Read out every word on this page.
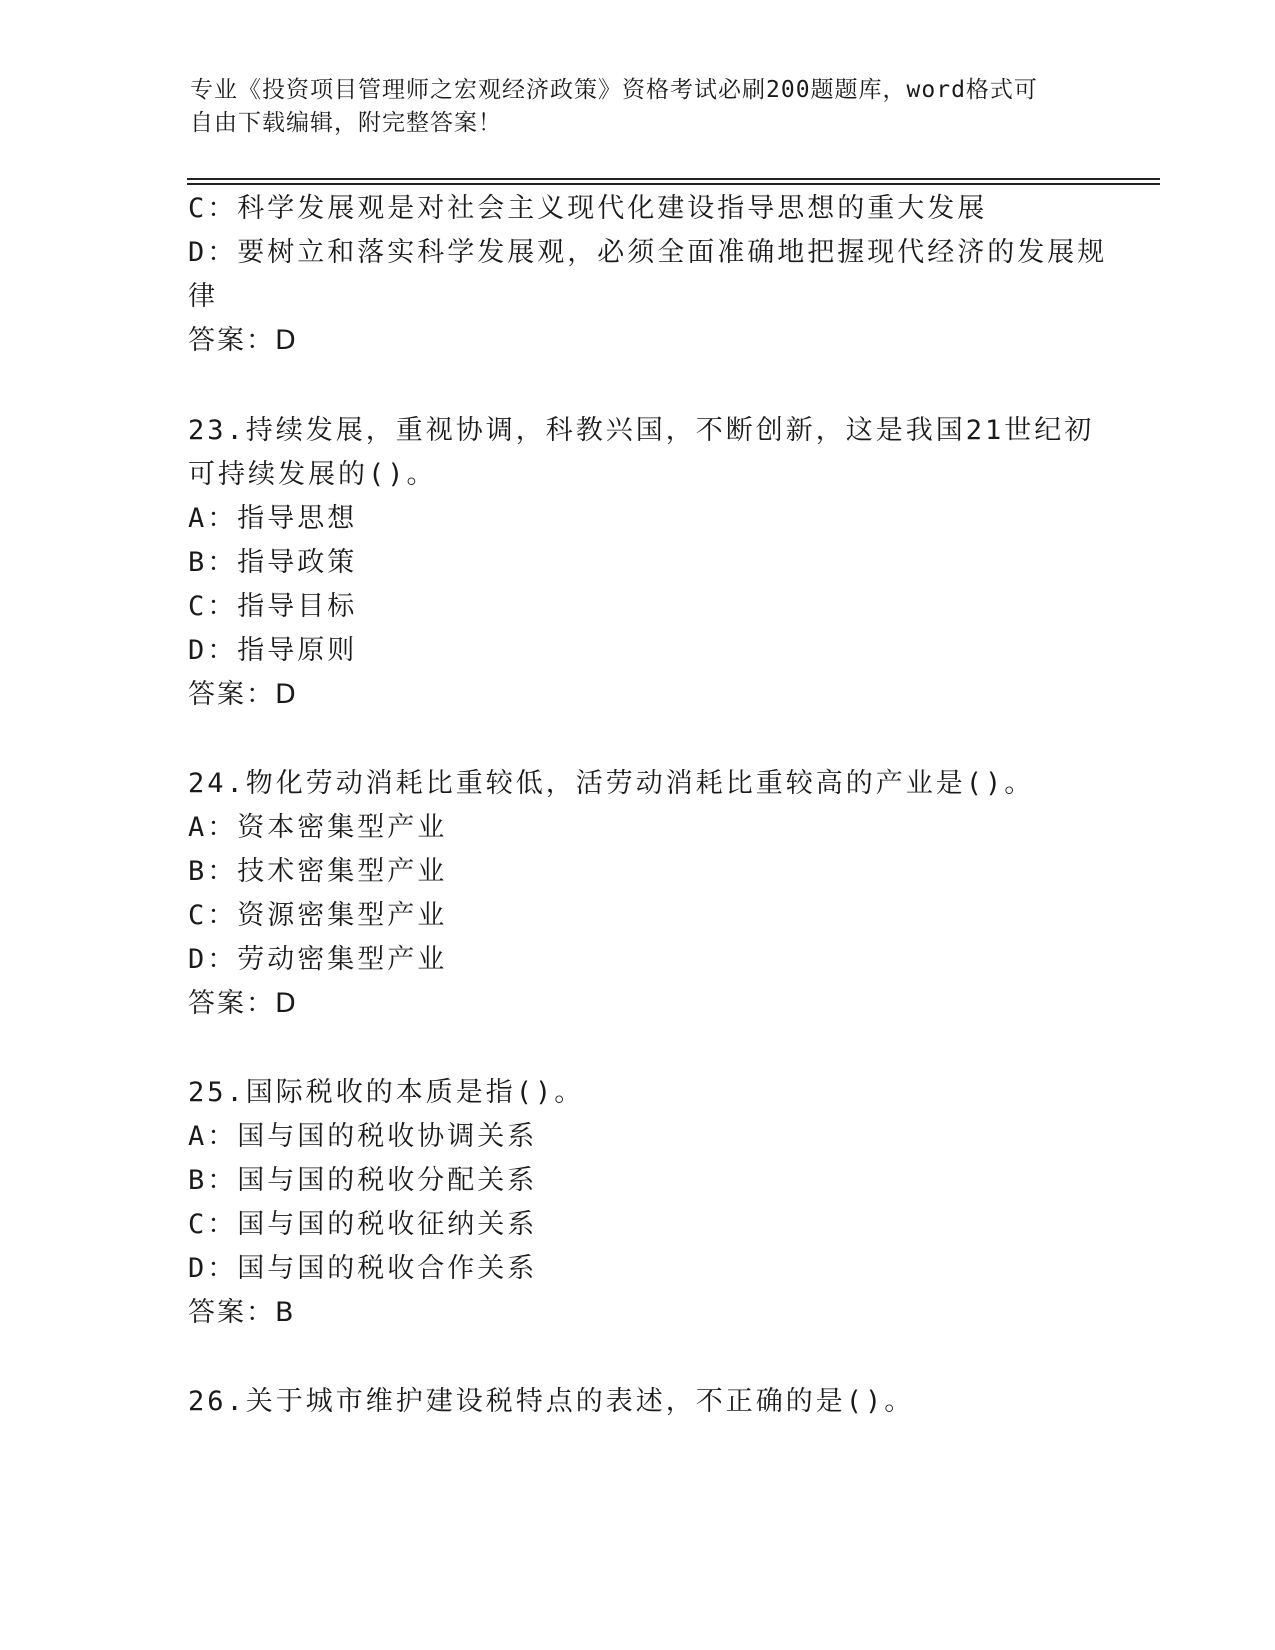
专业《投资项目管理师之宏观经济政策》资格考试必刷200题题库，word格式可
自由下载编辑，附完整答案！
C：科学发展观是对社会主义现代化建设指导思想的重大发展
D：要树立和落实科学发展观，必须全面准确地把握现代经济的发展规
律
答案：D
23.持续发展，重视协调，科教兴国，不断创新，这是我国21世纪初
可持续发展的()。
A：指导思想
B：指导政策
C：指导目标
D：指导原则
答案：D
24.物化劳动消耗比重较低，活劳动消耗比重较高的产业是()。
A：资本密集型产业
B：技术密集型产业
C：资源密集型产业
D：劳动密集型产业
答案：D
25.国际税收的本质是指()。
A：国与国的税收协调关系
B：国与国的税收分配关系
C：国与国的税收征纳关系
D：国与国的税收合作关系
答案：B
26.关于城市维护建设税特点的表述，不正确的是()。
